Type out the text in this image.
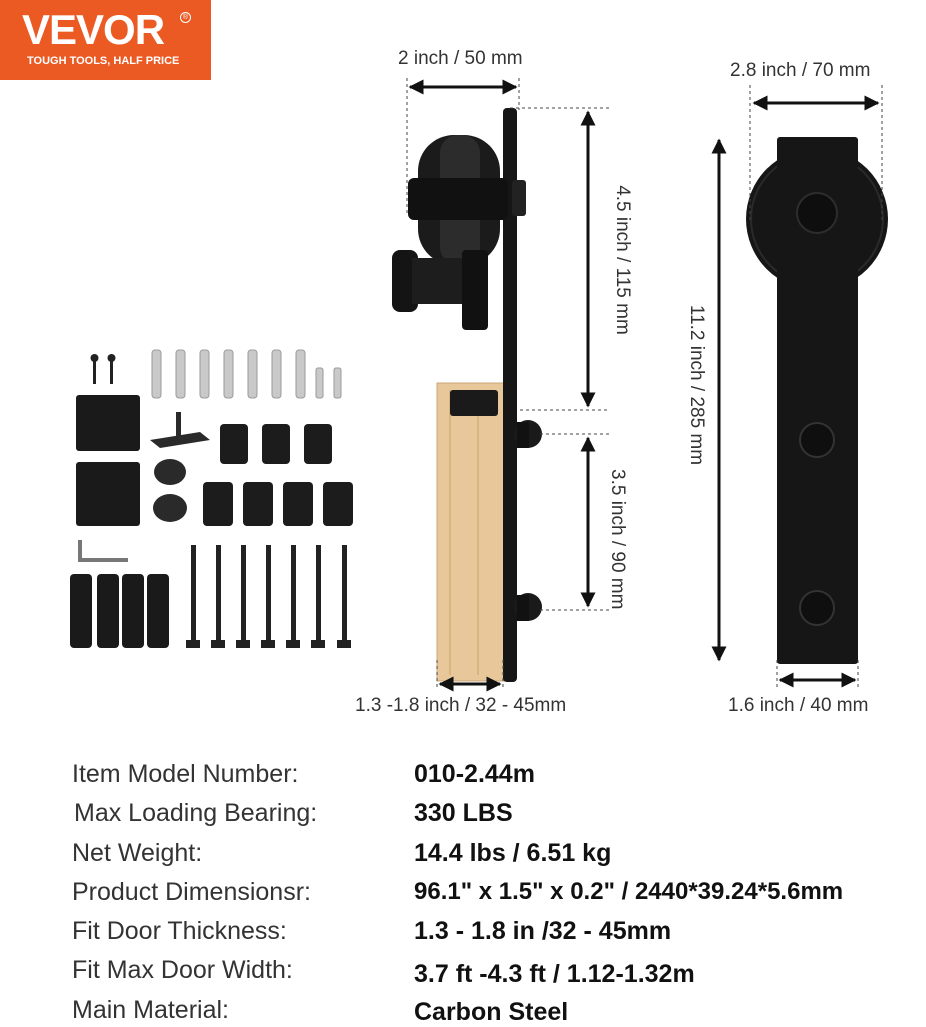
VEVOR	®
TOUGH TOOLS, HALF PRICE	2 inch / 50 mm
2.8 inch / 70 mm
4.5 inch / 115 mm
3.5 inch / 90 mm
11.2 inch / 285 mm
1.3 -1.8 inch / 32 - 45mm	1.6 inch / 40 mm
Item Model Number:	010-2.44m
Max Loading Bearing:	330 LBS
Net Weight:	14.4 lbs / 6.51 kg
Product Dimensionsr:	96.1" x 1.5" x 0.2" / 2440*39.24*5.6mm
Fit Door Thickness:	1.3 - 1.8 in /32 - 45mm
Fit Max Door Width:	3.7 ft -4.3 ft / 1.12-1.32m
Main Material:	Carbon Steel
